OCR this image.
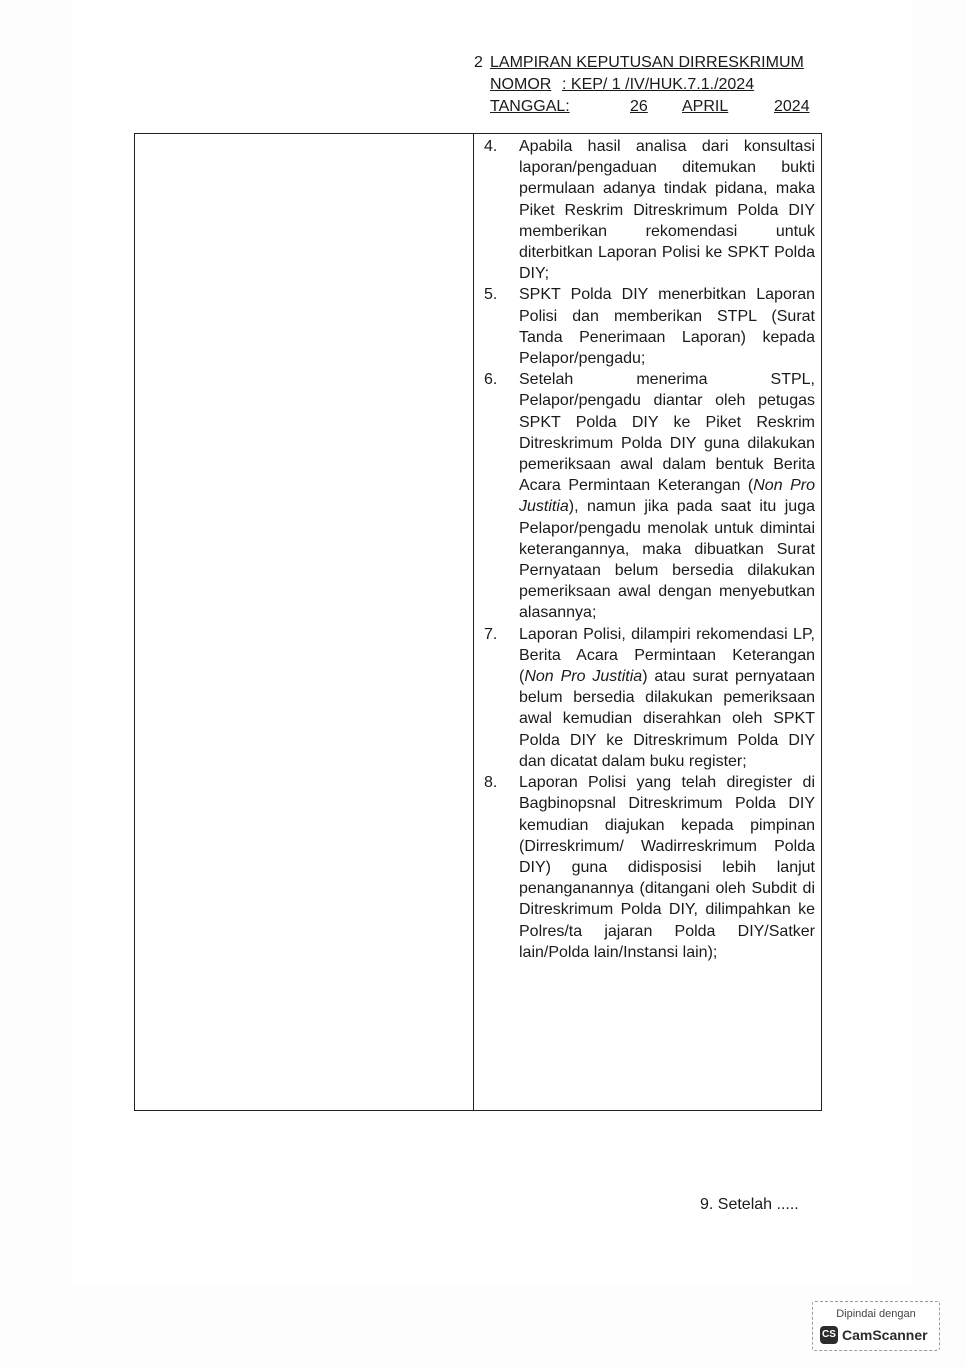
2 LAMPIRAN KEPUTUSAN DIRRESKRIMUM
NOMOR : KEP/ 1 /IV/HUK.7.1./2024
TANGGAL:	26 APRIL	2024
4. Apabila hasil analisa dari konsultasi laporan/pengaduan ditemukan bukti permulaan adanya tindak pidana, maka Piket Reskrim Ditreskrimum Polda DIY memberikan rekomendasi untuk diterbitkan Laporan Polisi ke SPKT Polda DIY;
5. SPKT Polda DIY menerbitkan Laporan Polisi dan memberikan STPL (Surat Tanda Penerimaan Laporan) kepada Pelapor/pengadu;
6. Setelah menerima STPL, Pelapor/pengadu diantar oleh petugas SPKT Polda DIY ke Piket Reskrim Ditreskrimum Polda DIY guna dilakukan pemeriksaan awal dalam bentuk Berita Acara Permintaan Keterangan (Non Pro Justitia), namun jika pada saat itu juga Pelapor/pengadu menolak untuk dimintai keterangannya, maka dibuatkan Surat Pernyataan belum bersedia dilakukan pemeriksaan awal dengan menyebutkan alasannya;
7. Laporan Polisi, dilampiri rekomendasi LP, Berita Acara Permintaan Keterangan (Non Pro Justitia) atau surat pernyataan belum bersedia dilakukan pemeriksaan awal kemudian diserahkan oleh SPKT Polda DIY ke Ditreskrimum Polda DIY dan dicatat dalam buku register;
8. Laporan Polisi yang telah diregister di Bagbinopsnal Ditreskrimum Polda DIY kemudian diajukan kepada pimpinan (Dirreskrimum/ Wadirreskrimum Polda DIY) guna didisposisi lebih lanjut penanganannya (ditangani oleh Subdit di Ditreskrimum Polda DIY, dilimpahkan ke Polres/ta jajaran Polda DIY/Satker lain/Polda lain/Instansi lain);
9. Setelah .....
Dipindai dengan
CS CamScanner
